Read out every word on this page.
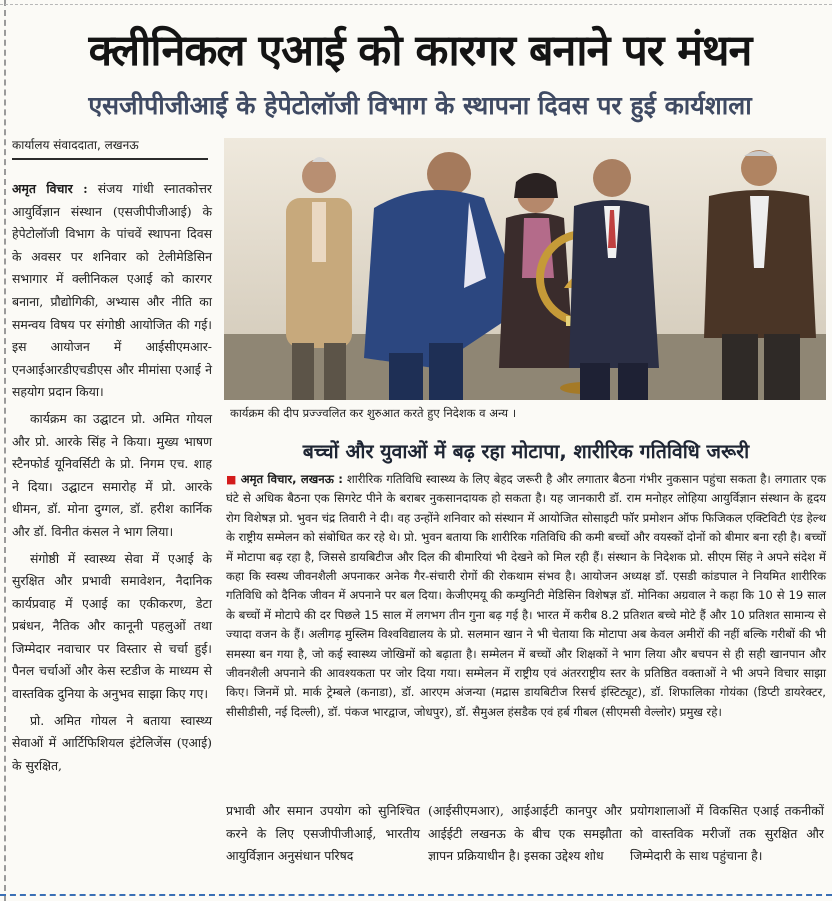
क्लीनिकल एआई को कारगर बनाने पर मंथन
एसजीपीजीआई के हेपेटोलॉजी विभाग के स्थापना दिवस पर हुई कार्यशाला
कार्यालय संवाददाता, लखनऊ

अमृत विचार : संजय गांधी स्नातकोत्तर आयुर्विज्ञान संस्थान (एसजीपीजीआई) के हेपेटोलॉजी विभाग के पांचवें स्थापना दिवस के अवसर पर शनिवार को टेलीमेडिसिन सभागार में क्लीनिकल एआई को कारगर बनाना, प्रौद्योगिकी, अभ्यास और नीति का समन्वय विषय पर संगोष्ठी आयोजित की गई। इस आयोजन में आईसीएमआर-एनआईआरडीएचडीएस और मीमांसा एआई ने सहयोग प्रदान किया।

कार्यक्रम का उद्घाटन प्रो. अमित गोयल और प्रो. आरके सिंह ने किया। मुख्य भाषण स्टैनफोर्ड यूनिवर्सिटी के प्रो. निगम एच. शाह ने दिया। उद्घाटन समारोह में प्रो. आरके धीमन, डॉ. मोना दुग्गल, डॉ. हरीश कार्निक और डॉ. विनीत कंसल ने भाग लिया।

संगोष्ठी में स्वास्थ्य सेवा में एआई के सुरक्षित और प्रभावी समावेशन, नैदानिक कार्यप्रवाह में एआई का एकीकरण, डेटा प्रबंधन, नैतिक और कानूनी पहलुओं तथा जिम्मेदार नवाचार पर विस्तार से चर्चा हुई। पैनल चर्चाओं और केस स्टडीज के माध्यम से वास्तविक दुनिया के अनुभव साझा किए गए।

प्रो. अमित गोयल ने बताया स्वास्थ्य सेवाओं में आर्टिफिशियल इंटेलिजेंस (एआई) के सुरक्षित,

कार्यक्रम की दीप प्रज्ज्वलित कर शुरुआत करते हुए निदेशक व अन्य ।
बच्चों और युवाओं में बढ़ रहा मोटापा, शारीरिक गतिविधि जरूरी
■ अमृत विचार, लखनऊ : शारीरिक गतिविधि स्वास्थ्य के लिए बेहद जरूरी है और लगातार बैठना गंभीर नुकसान पहुंचा सकता है। लगातार एक घंटे से अधिक बैठना एक सिगरेट पीने के बराबर नुकसानदायक हो सकता है। यह जानकारी डॉ. राम मनोहर लोहिया आयुर्विज्ञान संस्थान के हृदय रोग विशेषज्ञ प्रो. भुवन चंद्र तिवारी ने दी। वह उन्होंने शनिवार को संस्थान में आयोजित सोसाइटी फॉर प्रमोशन ऑफ फिजिकल एक्टिविटी एंड हेल्थ के राष्ट्रीय सम्मेलन को संबोधित कर रहे थे। प्रो. भुवन बताया कि शारीरिक गतिविधि की कमी बच्चों और वयस्कों दोनों को बीमार बना रही है। बच्चों में मोटापा बढ़ रहा है, जिससे डायबिटीज और दिल की बीमारियां भी देखने को मिल रही हैं। संस्थान के निदेशक प्रो. सीएम सिंह ने अपने संदेश में कहा कि स्वस्थ जीवनशैली अपनाकर अनेक गैर-संचारी रोगों की रोकथाम संभव है। आयोजन अध्यक्ष डॉ. एसडी कांडपाल ने नियमित शारीरिक गतिविधि को दैनिक जीवन में अपनाने पर बल दिया। केजीएमयू की कम्युनिटी मेडिसिन विशेषज्ञ डॉ. मोनिका अग्रवाल ने कहा कि 10 से 19 साल के बच्चों में मोटापे की दर पिछले 15 साल में लगभग तीन गुना बढ़ गई है। भारत में करीब 8.2 प्रतिशत बच्चे मोटे हैं और 10 प्रतिशत सामान्य से ज्यादा वजन के हैं। अलीगढ़ मुस्लिम विश्वविद्यालय के प्रो. सलमान खान ने भी चेताया कि मोटापा अब केवल अमीरों की नहीं बल्कि गरीबों की भी समस्या बन गया है, जो कई स्वास्थ्य जोखिमों को बढ़ाता है। सम्मेलन में बच्चों और शिक्षकों ने भाग लिया और बचपन से ही सही खानपान और जीवनशैली अपनाने की आवश्यकता पर जोर दिया गया। सम्मेलन में राष्ट्रीय एवं अंतरराष्ट्रीय स्तर के प्रतिष्ठित वक्ताओं ने भी अपने विचार साझा किए। जिनमें प्रो. मार्क ट्रेम्बले (कनाडा), डॉ. आरएम अंजन्या (मद्रास डायबिटीज रिसर्च इंस्टिट्यूट), डॉ. शिफालिका गोयंका (डिप्टी डायरेक्टर, सीसीडीसी, नई दिल्ली), डॉ. पंकज भारद्वाज, जोधपुर), डॉ. सैमुअल हंसडैक एवं हर्ब गीबल (सीएमसी वेल्लोर) प्रमुख रहे।
प्रभावी और समान उपयोग को सुनिश्चित करने के लिए एसजीपीजीआई, भारतीय आयुर्विज्ञान अनुसंधान परिषद
(आईसीएमआर), आईआईटी कानपुर और आईईटी लखनऊ के बीच एक समझौता ज्ञापन प्रक्रियाधीन है। इसका उद्देश्य शोध
प्रयोगशालाओं में विकसित एआई तकनीकों को वास्तविक मरीजों तक सुरक्षित और जिम्मेदारी के साथ पहुंचाना है।
